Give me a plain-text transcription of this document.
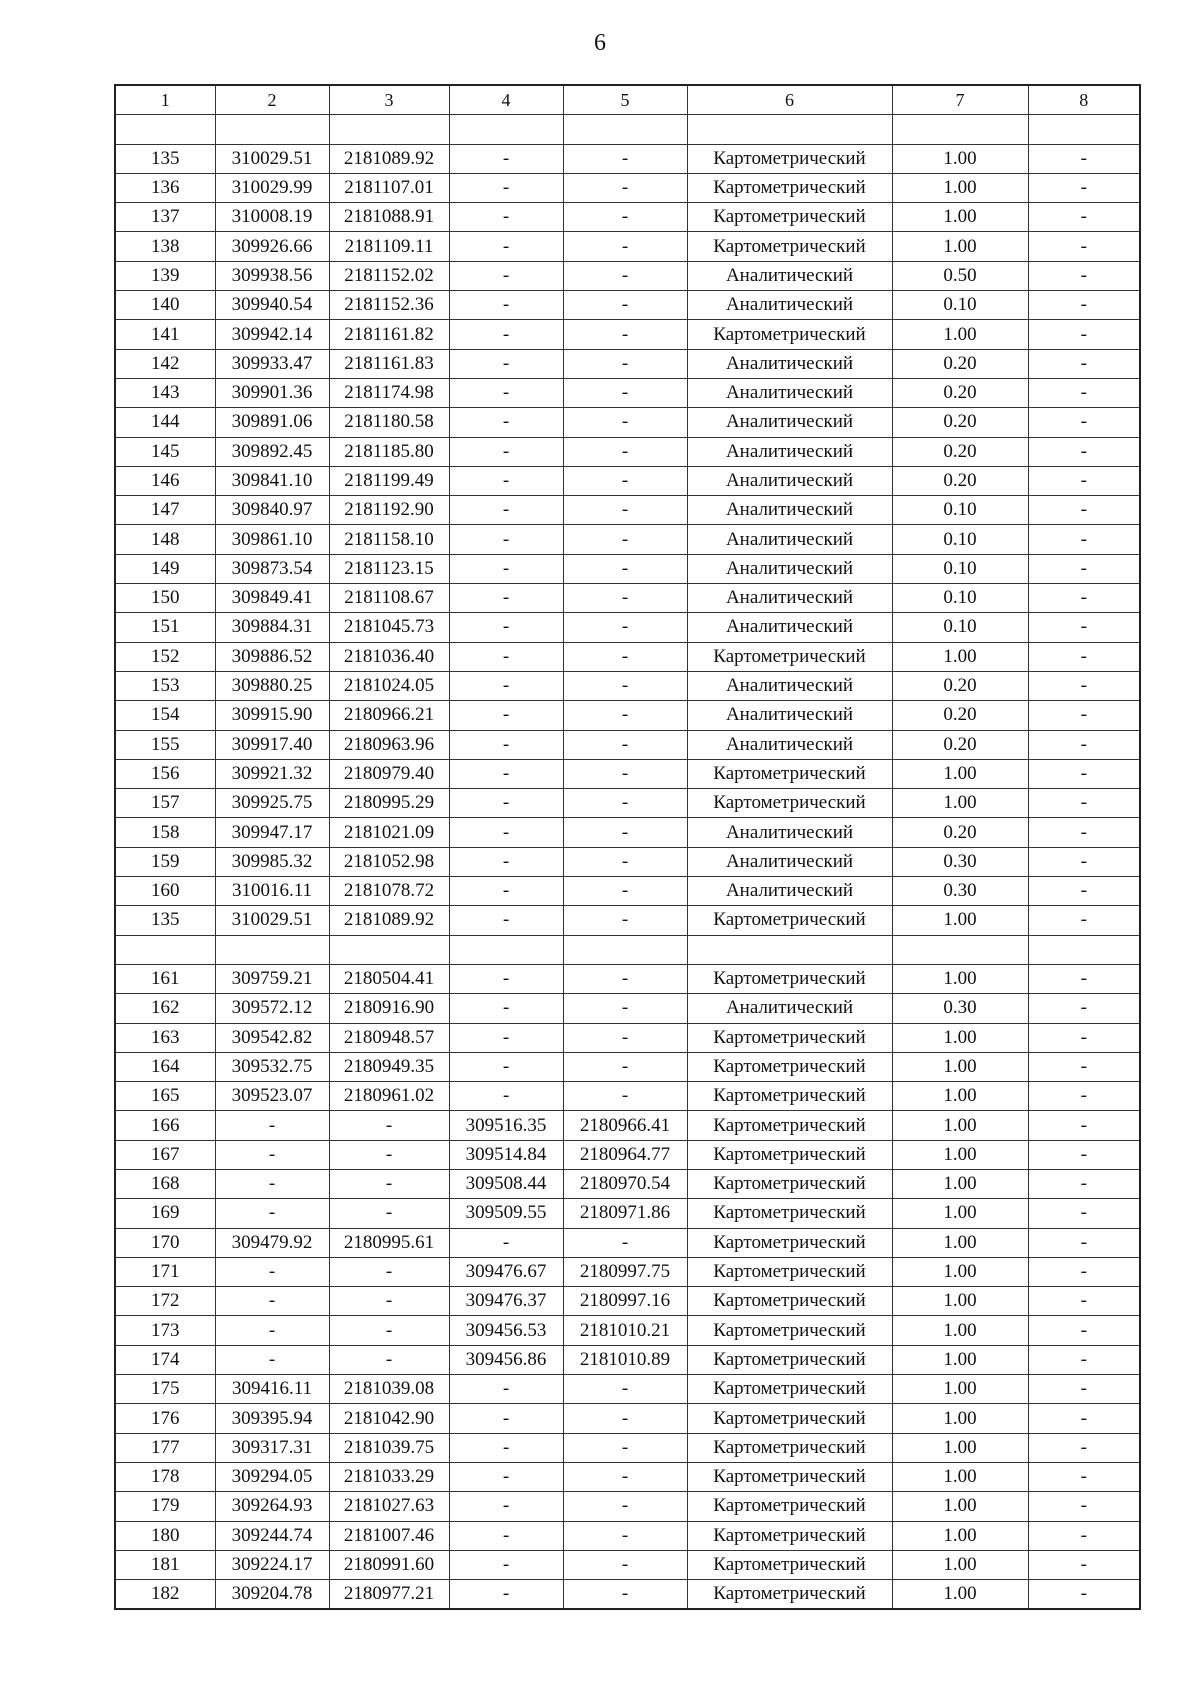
6
1	2	3	4	5	6	7	8

135	310029.51	2181089.92	-	-	Картометрический	1.00	-
136	310029.99	2181107.01	-	-	Картометрический	1.00	-
137	310008.19	2181088.91	-	-	Картометрический	1.00	-
138	309926.66	2181109.11	-	-	Картометрический	1.00	-
139	309938.56	2181152.02	-	-	Аналитический	0.50	-
140	309940.54	2181152.36	-	-	Аналитический	0.10	-
141	309942.14	2181161.82	-	-	Картометрический	1.00	-
142	309933.47	2181161.83	-	-	Аналитический	0.20	-
143	309901.36	2181174.98	-	-	Аналитический	0.20	-
144	309891.06	2181180.58	-	-	Аналитический	0.20	-
145	309892.45	2181185.80	-	-	Аналитический	0.20	-
146	309841.10	2181199.49	-	-	Аналитический	0.20	-
147	309840.97	2181192.90	-	-	Аналитический	0.10	-
148	309861.10	2181158.10	-	-	Аналитический	0.10	-
149	309873.54	2181123.15	-	-	Аналитический	0.10	-
150	309849.41	2181108.67	-	-	Аналитический	0.10	-
151	309884.31	2181045.73	-	-	Аналитический	0.10	-
152	309886.52	2181036.40	-	-	Картометрический	1.00	-
153	309880.25	2181024.05	-	-	Аналитический	0.20	-
154	309915.90	2180966.21	-	-	Аналитический	0.20	-
155	309917.40	2180963.96	-	-	Аналитический	0.20	-
156	309921.32	2180979.40	-	-	Картометрический	1.00	-
157	309925.75	2180995.29	-	-	Картометрический	1.00	-
158	309947.17	2181021.09	-	-	Аналитический	0.20	-
159	309985.32	2181052.98	-	-	Аналитический	0.30	-
160	310016.11	2181078.72	-	-	Аналитический	0.30	-
135	310029.51	2181089.92	-	-	Картометрический	1.00	-

161	309759.21	2180504.41	-	-	Картометрический	1.00	-
162	309572.12	2180916.90	-	-	Аналитический	0.30	-
163	309542.82	2180948.57	-	-	Картометрический	1.00	-
164	309532.75	2180949.35	-	-	Картометрический	1.00	-
165	309523.07	2180961.02	-	-	Картометрический	1.00	-
166	-	-	309516.35	2180966.41	Картометрический	1.00	-
167	-	-	309514.84	2180964.77	Картометрический	1.00	-
168	-	-	309508.44	2180970.54	Картометрический	1.00	-
169	-	-	309509.55	2180971.86	Картометрический	1.00	-
170	309479.92	2180995.61	-	-	Картометрический	1.00	-
171	-	-	309476.67	2180997.75	Картометрический	1.00	-
172	-	-	309476.37	2180997.16	Картометрический	1.00	-
173	-	-	309456.53	2181010.21	Картометрический	1.00	-
174	-	-	309456.86	2181010.89	Картометрический	1.00	-
175	309416.11	2181039.08	-	-	Картометрический	1.00	-
176	309395.94	2181042.90	-	-	Картометрический	1.00	-
177	309317.31	2181039.75	-	-	Картометрический	1.00	-
178	309294.05	2181033.29	-	-	Картометрический	1.00	-
179	309264.93	2181027.63	-	-	Картометрический	1.00	-
180	309244.74	2181007.46	-	-	Картометрический	1.00	-
181	309224.17	2180991.60	-	-	Картометрический	1.00	-
182	309204.78	2180977.21	-	-	Картометрический	1.00	-
